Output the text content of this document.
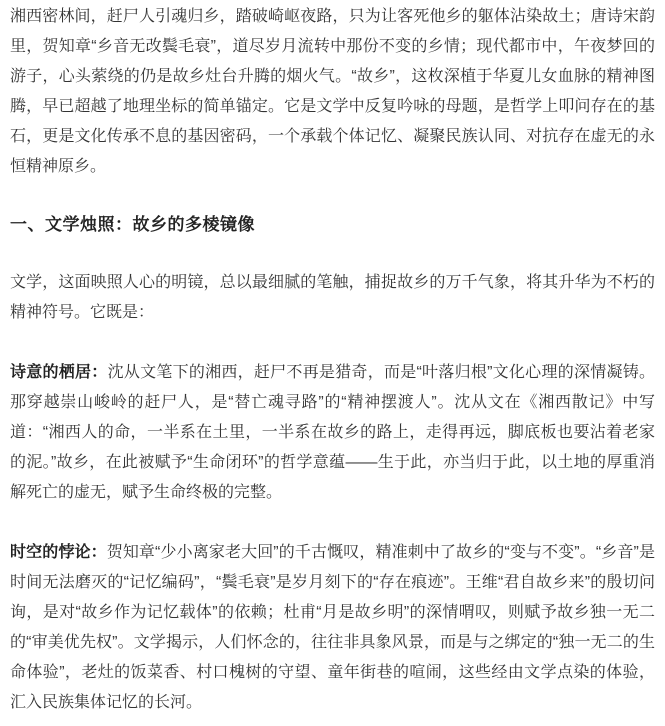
湘西密林间，赶尸人引魂归乡，踏破崎岖夜路，只为让客死他乡的躯体沾染故土；唐诗宋韵里，贺知章“乡音无改鬓毛衰”，道尽岁月流转中那份不变的乡情；现代都市中，午夜梦回的游子，心头萦绕的仍是故乡灶台升腾的烟火气。“故乡”，这枚深植于华夏儿女血脉的精神图腾，早已超越了地理坐标的简单锚定。它是文学中反复吟咏的母题，是哲学上叩问存在的基石，更是文化传承不息的基因密码，一个承载个体记忆、凝聚民族认同、对抗存在虚无的永恒精神原乡。

一、文学烛照：故乡的多棱镜像

文学，这面映照人心的明镜，总以最细腻的笔触，捕捉故乡的万千气象，将其升华为不朽的精神符号。它既是：

诗意的栖居：沈从文笔下的湘西，赶尸不再是猎奇，而是“叶落归根”文化心理的深情凝铸。那穿越崇山峻岭的赶尸人，是“替亡魂寻路”的“精神摆渡人”。沈从文在《湘西散记》中写道：“湘西人的命，一半系在土里，一半系在故乡的路上，走得再远，脚底板也要沾着老家的泥。”故乡，在此被赋予“生命闭环”的哲学意蕴——生于此，亦当归于此，以土地的厚重消解死亡的虚无，赋予生命终极的完整。

时空的悖论：贺知章“少小离家老大回”的千古慨叹，精准刺中了故乡的“变与不变”。“乡音”是时间无法磨灭的“记忆编码”，“鬓毛衰”是岁月刻下的“存在痕迹”。王维“君自故乡来”的殷切问询，是对“故乡作为记忆载体”的依赖；杜甫“月是故乡明”的深情喟叹，则赋予故乡独一无二的“审美优先权”。文学揭示，人们怀念的，往往非具象风景，而是与之绑定的“独一无二的生命体验”，老灶的饭菜香、村口槐树的守望、童年街巷的喧闹，这些经由文学点染的体验，汇入民族集体记忆的长河。
